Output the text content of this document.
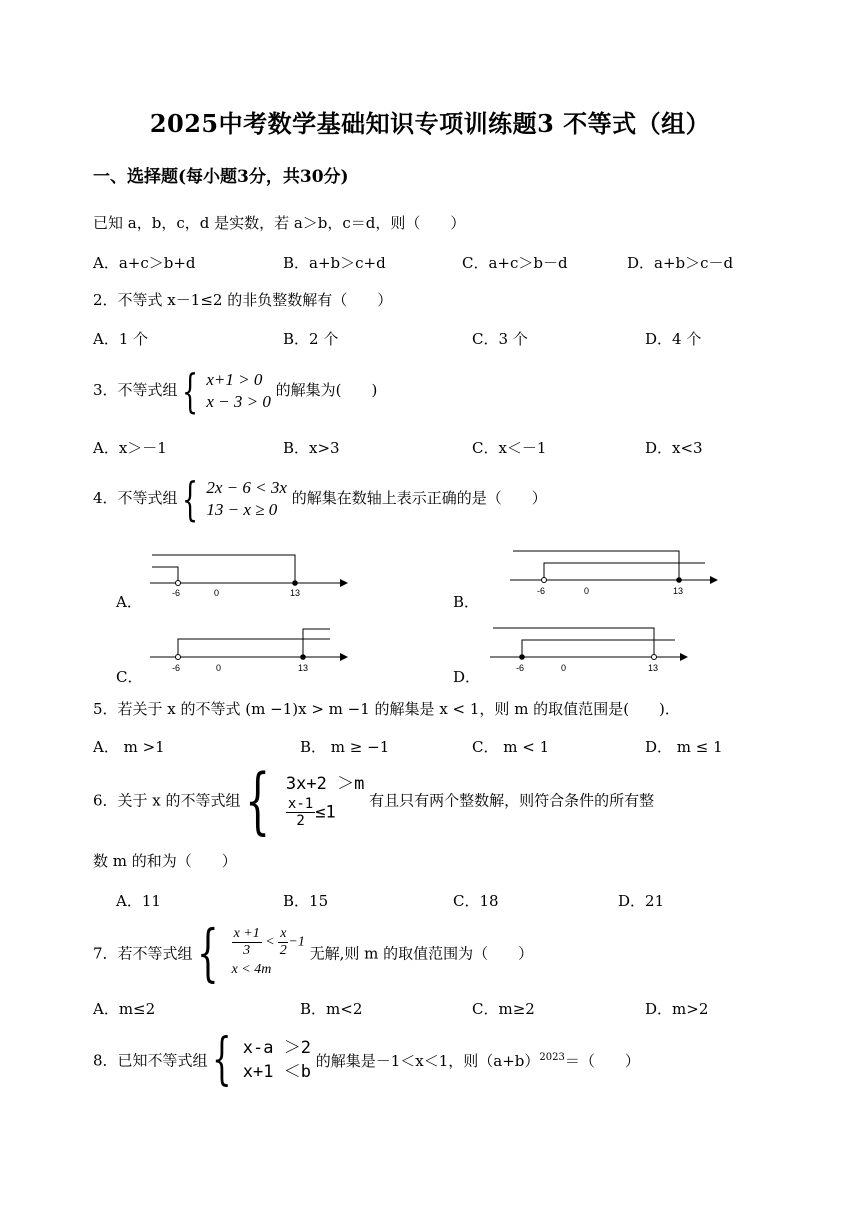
2025中考数学基础知识专项训练题3 不等式（组）
一、选择题(每小题3分，共30分)
已知 a，b，c，d 是实数，若 a＞b，c＝d，则（　　）
A．a+c＞b+d	B．a+b＞c+d	C．a+c＞b－d	D．a+b＞c－d
2．不等式 x－1≤2 的非负整数解有（　　）
A．1 个	B．2 个	C．3 个	D．4 个
3．不等式组 { x+1 > 0
x − 3 > 0
的解集为(　　)
A．x＞－1	B．x>3	C．x＜－1	D．x<3
4．不等式组 { 2x − 6 < 3x
13 − x ≥ 0
的解集在数轴上表示正确的是（　　）
A．	B．
C．	D．
-6	0	13	-6	0	13
-6	0	13	-6	0	13
5．若关于 x 的不等式 (m −1)x > m −1 的解集是 x < 1，则 m 的取值范围是(　　)．
A． m >1	B． m ≥ −1	C． m < 1	D． m ≤ 1
6．关于 x 的不等式组 { 3x+2 ＞m
$\frac{x-1}{2} \le 1$
有且只有两个整数解，则符合条件的所有整
数 m 的和为（　　）
A．11	B．15	C．18	D．21
7．若不等式组 { $\frac{x +1}{3} < \frac{x}{2} -1$
x < 4m
无解,则 m 的取值范围为（　　）
A．m≤2	B．m<2	C．m≥2	D．m>2
8．已知不等式组 { x-a ＞2
x+1 ＜b
的解集是－1＜x＜1，则$(a+b)^{2023}=$（　　）
